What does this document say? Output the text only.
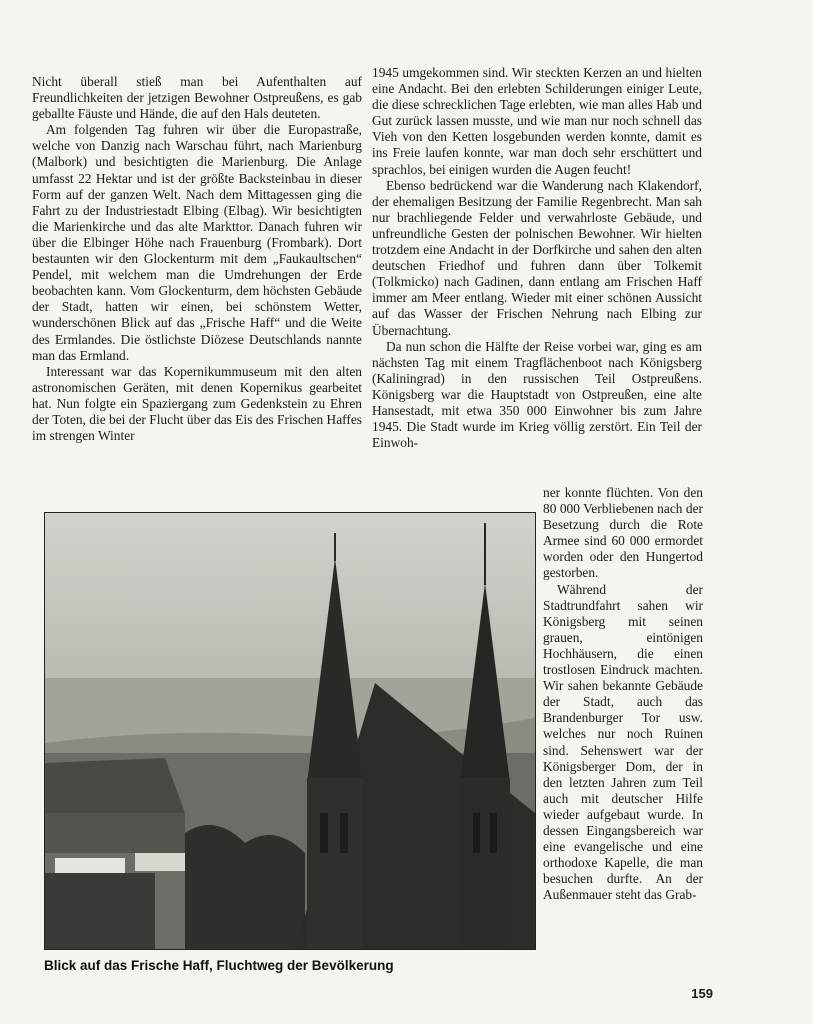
Nicht überall stieß man bei Aufenthalten auf Freundlichkeiten der jetzigen Bewohner Ostpreußens, es gab geballte Fäuste und Hände, die auf den Hals deuteten.

Am folgenden Tag fuhren wir über die Europastraße, welche von Danzig nach Warschau führt, nach Marienburg (Malbork) und besichtigten die Marienburg. Die Anlage umfasst 22 Hektar und ist der größte Backsteinbau in dieser Form auf der ganzen Welt. Nach dem Mittagessen ging die Fahrt zu der Industriestadt Elbing (Elbag). Wir besichtigten die Marienkirche und das alte Markttor. Danach fuhren wir über die Elbinger Höhe nach Frauenburg (Frombark). Dort bestaunten wir den Glockenturm mit dem „Faukaultschen“ Pendel, mit welchem man die Umdrehungen der Erde beobachten kann. Vom Glockenturm, dem höchsten Gebäude der Stadt, hatten wir einen, bei schönstem Wetter, wunderschönen Blick auf das „Frische Haff“ und die Weite des Ermlandes. Die östlichste Diözese Deutschlands nannte man das Ermland.

Interessant war das Kopernikummuseum mit den alten astronomischen Geräten, mit denen Kopernikus gearbeitet hat. Nun folgte ein Spaziergang zum Gedenkstein zu Ehren der Toten, die bei der Flucht über das Eis des Frischen Haffes im strengen Winter

1945 umgekommen sind. Wir steckten Kerzen an und hielten eine Andacht. Bei den erlebten Schilderungen einiger Leute, die diese schrecklichen Tage erlebten, wie man alles Hab und Gut zurück lassen musste, und wie man nur noch schnell das Vieh von den Ketten losgebunden werden konnte, damit es ins Freie laufen konnte, war man doch sehr erschüttert und sprachlos, bei einigen wurden die Augen feucht!

Ebenso bedrückend war die Wanderung nach Klakendorf, der ehemaligen Besitzung der Familie Regenbrecht. Man sah nur brachliegende Felder und verwahrloste Gebäude, und unfreundliche Gesten der polnischen Bewohner. Wir hielten trotzdem eine Andacht in der Dorfkirche und sahen den alten deutschen Friedhof und fuhren dann über Tolkemit (Tolkmicko) nach Gadinen, dann entlang am Frischen Haff immer am Meer entlang. Wieder mit einer schönen Aussicht auf das Wasser der Frischen Nehrung nach Elbing zur Übernachtung.

Da nun schon die Hälfte der Reise vorbei war, ging es am nächsten Tag mit einem Tragflächenboot nach Königsberg (Kaliningrad) in den russischen Teil Ostpreußens. Königsberg war die Hauptstadt von Ostpreußen, eine alte Hansestadt, mit etwa 350 000 Einwohner bis zum Jahre 1945. Die Stadt wurde im Krieg völlig zerstört. Ein Teil der Einwoh-

ner konnte flüchten. Von den 80 000 Verbliebenen nach der Besetzung durch die Rote Armee sind 60 000 ermordet worden oder den Hungertod gestorben.

Während der Stadtrundfahrt sahen wir Königsberg mit seinen grauen, eintönigen Hochhäusern, die einen trostlosen Eindruck machten. Wir sahen bekannte Gebäude der Stadt, auch das Brandenburger Tor usw. welches nur noch Ruinen sind. Sehenswert war der Königsberger Dom, der in den letzten Jahren zum Teil auch mit deutscher Hilfe wieder aufgebaut wurde. In dessen Eingangsbereich war eine evangelische und eine orthodoxe Kapelle, die man besuchen durfte. An der Außenmauer steht das Grab-

Blick auf das Frische Haff, Fluchtweg der Bevölkerung
159
